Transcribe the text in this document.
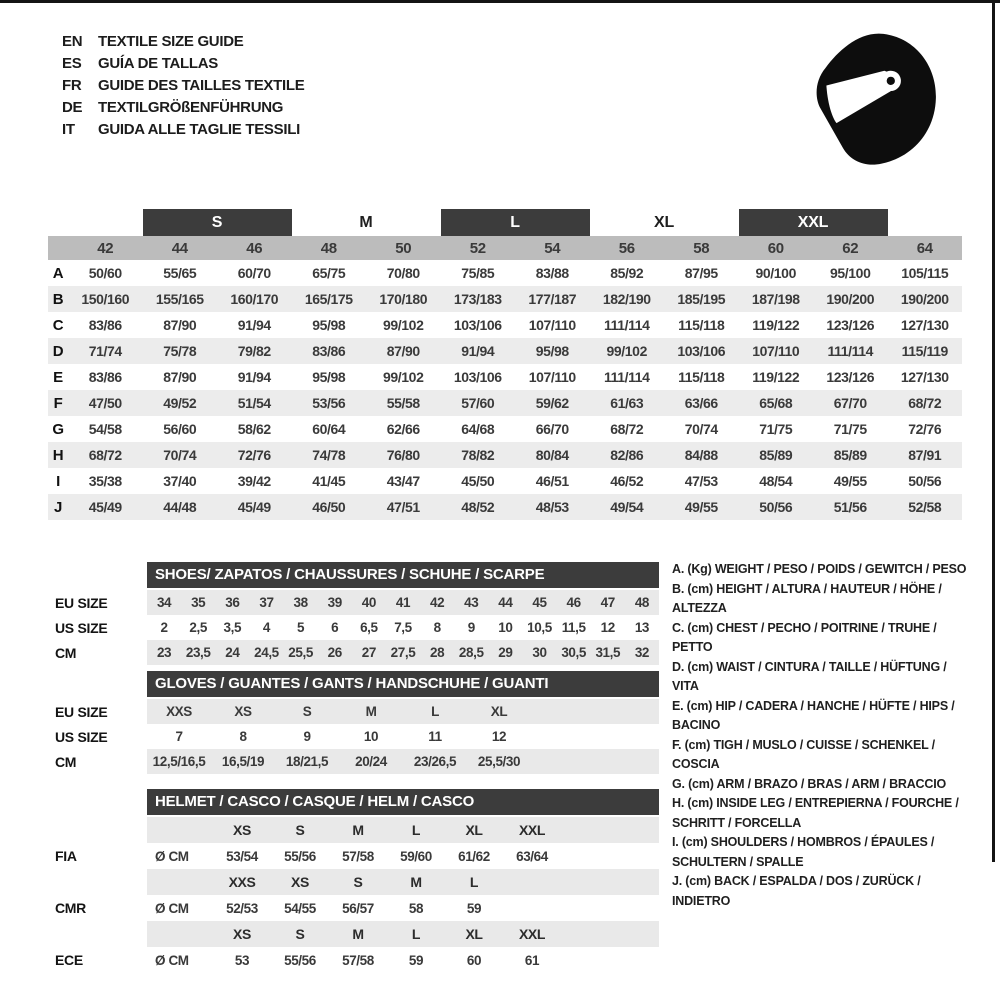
EN	TEXTILE SIZE GUIDE
ES	GUÍA DE TALLAS
FR	GUIDE DES TAILLES TEXTILE
DE	TEXTILGRÖßENFÜHRUNG
IT	GUIDA ALLE TAGLIE TESSILI
S	M	L	XL	XXL
42	44	46	48	50	52	54	56	58	60	62	64
A	50/60	55/65	60/70	65/75	70/80	75/85	83/88	85/92	87/95	90/100	95/100	105/115
B	150/160	155/165	160/170	165/175	170/180	173/183	177/187	182/190	185/195	187/198	190/200	190/200
C	83/86	87/90	91/94	95/98	99/102	103/106	107/110	111/114	115/118	119/122	123/126	127/130
D	71/74	75/78	79/82	83/86	87/90	91/94	95/98	99/102	103/106	107/110	111/114	115/119
E	83/86	87/90	91/94	95/98	99/102	103/106	107/110	111/114	115/118	119/122	123/126	127/130
F	47/50	49/52	51/54	53/56	55/58	57/60	59/62	61/63	63/66	65/68	67/70	68/72
G	54/58	56/60	58/62	60/64	62/66	64/68	66/70	68/72	70/74	71/75	71/75	72/76
H	68/72	70/74	72/76	74/78	76/80	78/82	80/84	82/86	84/88	85/89	85/89	87/91
I	35/38	37/40	39/42	41/45	43/47	45/50	46/51	46/52	47/53	48/54	49/55	50/56
J	45/49	44/48	45/49	46/50	47/51	48/52	48/53	49/54	49/55	50/56	51/56	52/58
SHOES/ ZAPATOS / CHAUSSURES / SCHUHE / SCARPE
EU SIZE	34	35	36	37	38	39	40	41	42	43	44	45	46	47	48
US SIZE	2	2,5	3,5	4	5	6	6,5	7,5	8	9	10	10,5 11,5	12	13
CM	23	23,5	24	24,5 25,5	26	27	27,5	28	28,5	29	30	30,5 31,5	32
GLOVES / GUANTES / GANTS / HANDSCHUHE / GUANTI
EU SIZE	XXS	XS	S	M	L	XL
US SIZE	7	8	9	10	11	12
CM	12,5/16,5	16,5/19	18/21,5	20/24	23/26,5	25,5/30
HELMET / CASCO / CASQUE / HELM / CASCO
XS	S	M	L	XL	XXL
FIA	Ø CM	53/54	55/56	57/58	59/60	61/62	63/64
XXS	XS	S	M	L
CMR	Ø CM	52/53	54/55	56/57	58	59
XS	S	M	L	XL	XXL
ECE	Ø CM	53	55/56	57/58	59	60	61
A. (Kg) WEIGHT / PESO / POIDS / GEWITCH / PESO
B. (cm) HEIGHT / ALTURA / HAUTEUR / HÖHE / ALTEZZA
C. (cm) CHEST / PECHO / POITRINE / TRUHE / PETTO
D. (cm) WAIST / CINTURA / TAILLE / HÜFTUNG / VITA
E. (cm) HIP / CADERA / HANCHE / HÜFTE / HIPS / BACINO
F. (cm) TIGH / MUSLO / CUISSE / SCHENKEL / COSCIA
G. (cm) ARM / BRAZO / BRAS / ARM / BRACCIO
H. (cm) INSIDE LEG / ENTREPIERNA / FOURCHE / SCHRITT / FORCELLA
I. (cm) SHOULDERS / HOMBROS / ÉPAULES / SCHULTERN / SPALLE
J. (cm) BACK / ESPALDA / DOS / ZURÜCK / INDIETRO
